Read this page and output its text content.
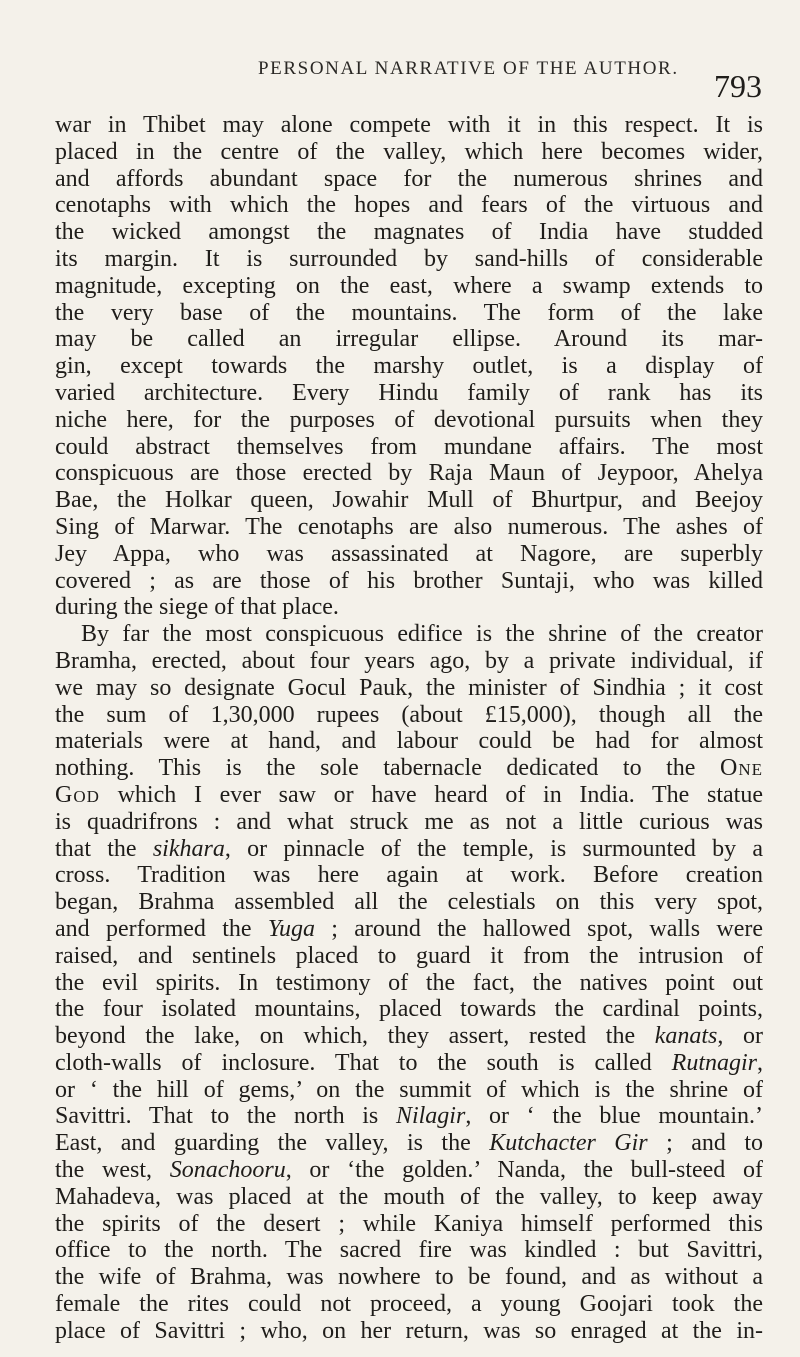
PERSONAL NARRATIVE OF THE AUTHOR. 793
war in Thibet may alone compete with it in this respect. It is
placed in the centre of the valley, which here becomes wider,
and affords abundant space for the numerous shrines and
cenotaphs with which the hopes and fears of the virtuous and
the wicked amongst the magnates of India have studded
its margin. It is surrounded by sand-hills of considerable
magnitude, excepting on the east, where a swamp extends to
the very base of the mountains. The form of the lake
may be called an irregular ellipse. Around its mar-
gin, except towards the marshy outlet, is a display of
varied architecture. Every Hindu family of rank has its
niche here, for the purposes of devotional pursuits when they
could abstract themselves from mundane affairs. The most
conspicuous are those erected by Raja Maun of Jeypoor, Ahelya
Bae, the Holkar queen, Jowahir Mull of Bhurtpur, and Beejoy
Sing of Marwar. The cenotaphs are also numerous. The ashes of
Jey Appa, who was assassinated at Nagore, are superbly
covered ; as are those of his brother Suntaji, who was killed
during the siege of that place.
By far the most conspicuous edifice is the shrine of the creator
Bramha, erected, about four years ago, by a private individual, if
we may so designate Gocul Pauk, the minister of Sindhia ; it cost
the sum of 1,30,000 rupees (about £15,000), though all the
materials were at hand, and labour could be had for almost
nothing. This is the sole tabernacle dedicated to the One
God which I ever saw or have heard of in India. The statue
is quadrifrons : and what struck me as not a little curious was
that the sikhara, or pinnacle of the temple, is surmounted by a
cross. Tradition was here again at work. Before creation
began, Brahma assembled all the celestials on this very spot,
and performed the Yuga ; around the hallowed spot, walls were
raised, and sentinels placed to guard it from the intrusion of
the evil spirits. In testimony of the fact, the natives point out
the four isolated mountains, placed towards the cardinal points,
beyond the lake, on which, they assert, rested the kanats, or
cloth-walls of inclosure. That to the south is called Rutnagir,
or ‘ the hill of gems,’ on the summit of which is the shrine of
Savittri. That to the north is Nilagir, or ‘ the blue mountain.’
East, and guarding the valley, is the Kutchacter Gir ; and to
the west, Sonachooru, or ‘the golden.’ Nanda, the bull-steed of
Mahadeva, was placed at the mouth of the valley, to keep away
the spirits of the desert ; while Kaniya himself performed this
office to the north. The sacred fire was kindled : but Savittri,
the wife of Brahma, was nowhere to be found, and as without a
female the rites could not proceed, a young Goojari took the
place of Savittri ; who, on her return, was so enraged at the in-
